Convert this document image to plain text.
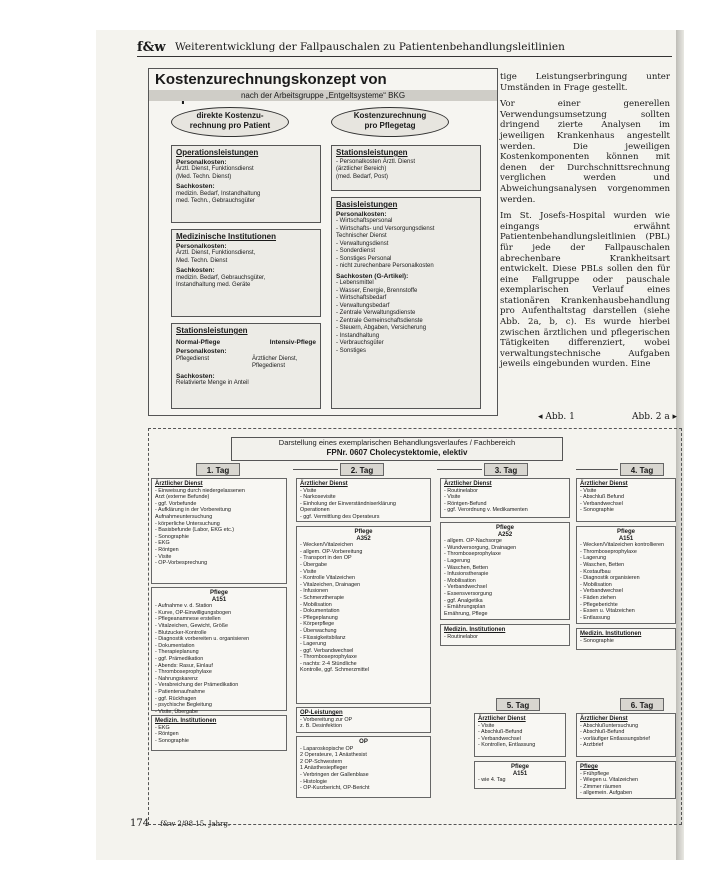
f&w Weiterentwicklung der Fallpauschalen zu Patientenbehandlungsleitlinien
Kostenzurechnungskonzept von
nach der Arbeitsgruppe „Entgeltsysteme“ BKG
direkte Kostenzu-
rechnung pro Patient
Kostenzurechnung
pro Pflegetag
Operationsleistungen
Personalkosten:
Ärztl. Dienst, Funktionsdienst
(Med. Techn. Dienst)
Sachkosten:
medizin. Bedarf, Instandhaltung
med. Techn., Gebrauchsgüter
Medizinische Institutionen
Personalkosten:
Ärztl. Dienst, Funktionsdienst,
Med. Techn. Dienst
Sachkosten:
medizin. Bedarf, Gebrauchsgüter,
Instandhaltung med. Geräte
Stationsleistungen
Normal-Pflege	Intensiv-Pflege
Personalkosten:
Pflegedienst	Ärztlicher Dienst, Pflegedienst
Sachkosten:
Relativierte Menge in Anteil
Stationsleistungen
- Personalkosten Ärztl. Dienst
(ärztlicher Bereich)
(med. Bedarf, Post)
Basisleistungen
Personalkosten:
- Wirtschaftspersonal
- Wirtschafts- und Versorgungsdienst
Technischer Dienst
- Verwaltungsdienst
- Sonderdienst
- Sonstiges Personal
- nicht zurechenbare Personalkosten
Sachkosten (G-Artikel):
- Lebensmittel
- Wasser, Energie, Brennstoffe
- Wirtschaftsbedarf
- Verwaltungsbedarf
- Zentrale Verwaltungsdienste
- Zentrale Gemeinschaftsdienste
- Steuern, Abgaben, Versicherung
- Instandhaltung
- Verbrauchsgüter
- Sonstiges

tige Leistungserbringung unter Umständen in Frage gestellt.

Vor einer generellen Verwendungsumsetzung sollten dringend zierte Analysen im jeweiligen Krankenhaus angestellt werden. Die jeweiligen Kostenkomponenten können mit denen der Durchschnittsrechnung verglichen werden und Abweichungsanalysen vorgenommen werden.

Im St. Josefs-Hospital wurden wie eingangs erwähnt Patientenbehandlungsleitlinien (PBL) für jede der Fallpauschalen abrechenbare Krankheitsart entwickelt. Diese PBLs sollen den für eine Fallgruppe oder pauschale exemplarischen Verlauf eines stationären Krankenhausbehandlung pro Aufenthaltstag darstellen (siehe Abb. 2a, b, c). Es wurde hierbei zwischen ärztlichen und pflegerischen Tätigkeiten differenziert, wobei verwaltungstechnische Aufgaben jeweils eingebunden wurden. Eine

◂ Abb. 1	Abb. 2 a ▸
Darstellung eines exemplarischen Behandlungsverlaufes / Fachbereich
FPNr. 0607 Cholecystektomie, elektiv
1. Tag	2. Tag	3. Tag	4. Tag
5. Tag	6. Tag
Ärztlicher Dienst
- Einweisung durch niedergelassenen
Arzt (externe Befunde)
- ggf. Vorbefunde
- Aufklärung in der Vorbereitung
Aufnahmeuntersuchung
- körperliche Untersuchung
- Basisbefunde (Labor, EKG etc.)
- Sonographie
- EKG
- Röntgen
- Visite
- OP-Vorbesprechung
Pflege
A151
- Aufnahme v. d. Station
- Kurve, OP-Einwilligungsbogen
- Pflegeanamnese erstellen
- Vitalzeichen, Gewicht, Größe
- Blutzucker-Kontrolle
- Diagnostik vorbereiten u. organisieren
- Dokumentation
- Therapieplanung
- ggf. Prämedikation
- Abends: Rasur, Einlauf
- Thromboseprophylaxe
- Nahrungskarenz
- Verabreichung der Prämedikation
- Patientenaufnahme
- ggf. Rückfragen
- psychische Begleitung
- Visite, Übergabe
Medizin. Institutionen
- EKG
- Röntgen
- Sonographie
Ärztlicher Dienst
- Visite
- Narkosevisite
- Einholung der Einverständniserklärung
Operationen
- ggf. Vermittlung des Operateurs
Pflege
A352
- Wecken/Vitalzeichen
- allgem. OP-Vorbereitung
- Transport in den OP
- Übergabe
- Visite
- Kontrolle Vitalzeichen
- Vitalzeichen, Drainagen
- Infusionen
- Schmerztherapie
- Mobilisation
- Dokumentation
- Pflegeplanung
- Körperpflege
- Überwachung
- Flüssigkeitsbilanz
- Lagerung
- ggf. Verbandwechsel
- Thromboseprophylaxe
- nachts: 2-4 Stündliche
Kontrolle, ggf. Schmerzmittel
OP-Leistungen
- Vorbereitung zur OP
z. B. Desinfektion
OP
- Laparoskopische OP
2 Operateure, 1 Anästhesist
2 OP-Schwestern
1 Anästhesiepfleger
- Verbringen der Gallenblase
- Histologie
- OP-Kurzbericht, OP-Bericht
Ärztlicher Dienst
- Routinelabor
- Visite
- Röntgen-Befund
- ggf. Verordnung v. Medikamenten
Pflege
A252
- allgem. OP-Nachsorge
- Wundversorgung, Drainagen
- Thromboseprophylaxe
- Lagerung
- Waschen, Betten
- Infusionstherapie
- Mobilisation
- Verbandwechsel
- Essensversorgung
- ggf. Analgetika
- Ernährungsplan
Ernährung, Pflege
Medizin. Institutionen
- Routinelabor
Ärztlicher Dienst
- Visite
- Abschluß Befund
- Verbandwechsel
- Sonographie
Pflege
A151
- Wecken/Vitalzeichen kontrollieren
- Thromboseprophylaxe
- Lagerung
- Waschen, Betten
- Kostaufbau
- Diagnostik organisieren
- Mobilisation
- Verbandwechsel
- Fäden ziehen
- Pflegeberichte
- Essen u. Vitalzeichen
- Entlassung
Medizin. Institutionen
- Sonographie
Ärztlicher Dienst
- Visite
- Abschluß-Befund
- Verbandwechsel
- Kontrollen, Entlassung
Pflege
A151
- wie 4. Tag
Ärztlicher Dienst
- Abschlußuntersuchung
- Abschluß-Befund
- vorläufiger Entlassungsbrief
- Arztbrief
Pflege
- Frühpflege
- Wiegen u. Vitalzeichen
- Zimmer räumen
- allgemein. Aufgaben
174 f&w 2/98 15. Jahrg.
